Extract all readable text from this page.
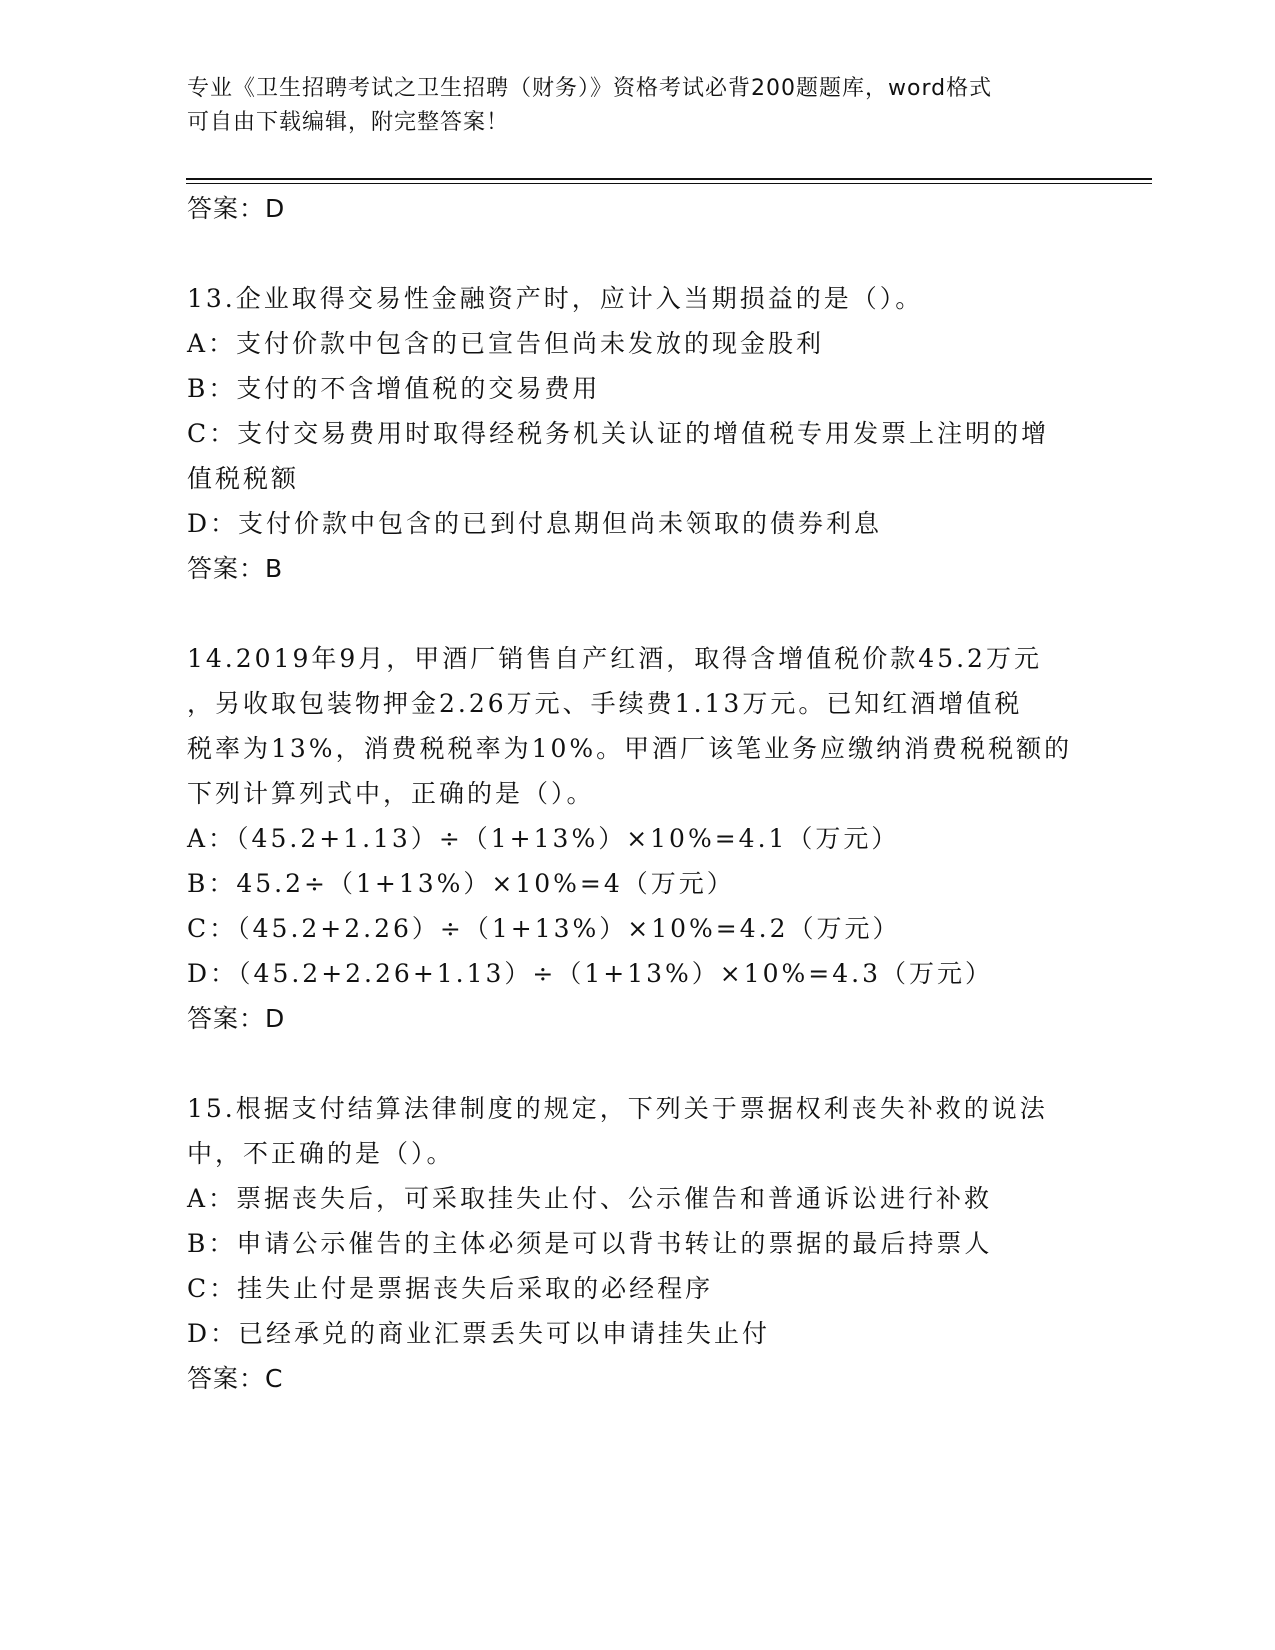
专业《卫生招聘考试之卫生招聘（财务）》资格考试必背200题题库，word格式
可自由下载编辑，附完整答案！
答案：D
13.企业取得交易性金融资产时，应计入当期损益的是（）。
A：支付价款中包含的已宣告但尚未发放的现金股利
B：支付的不含增值税的交易费用
C：支付交易费用时取得经税务机关认证的增值税专用发票上注明的增
值税税额
D：支付价款中包含的已到付息期但尚未领取的债券利息
答案：B
14.2019年9月，甲酒厂销售自产红酒，取得含增值税价款45.2万元
，另收取包装物押金2.26万元、手续费1.13万元。已知红酒增值税
税率为13%，消费税税率为10%。甲酒厂该笔业务应缴纳消费税税额的
下列计算列式中，正确的是（）。
A：（45.2+1.13）÷（1+13%）×10%=4.1（万元）
B：45.2÷（1+13%）×10%=4（万元）
C：（45.2+2.26）÷（1+13%）×10%=4.2（万元）
D：（45.2+2.26+1.13）÷（1+13%）×10%=4.3（万元）
答案：D
15.根据支付结算法律制度的规定，下列关于票据权利丧失补救的说法
中，不正确的是（）。
A：票据丧失后，可采取挂失止付、公示催告和普通诉讼进行补救
B：申请公示催告的主体必须是可以背书转让的票据的最后持票人
C：挂失止付是票据丧失后采取的必经程序
D：已经承兑的商业汇票丢失可以申请挂失止付
答案：C
